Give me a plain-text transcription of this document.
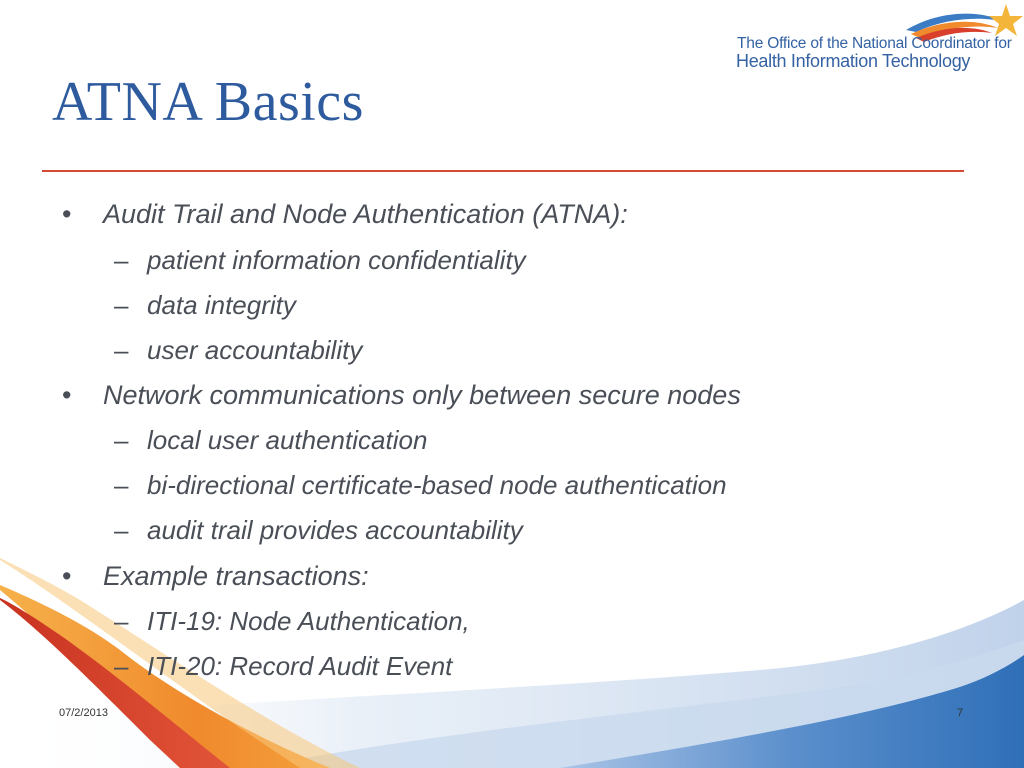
The Office of the National Coordinator for
Health Information Technology
ATNA Basics
• Audit Trail and Node Authentication (ATNA):
– patient information confidentiality
– data integrity
– user accountability
• Network communications only between secure nodes
– local user authentication
– bi-directional certificate-based node authentication
– audit trail provides accountability
• Example transactions:
– ITI-19: Node Authentication,
– ITI-20: Record Audit Event
07/2/2013	7
